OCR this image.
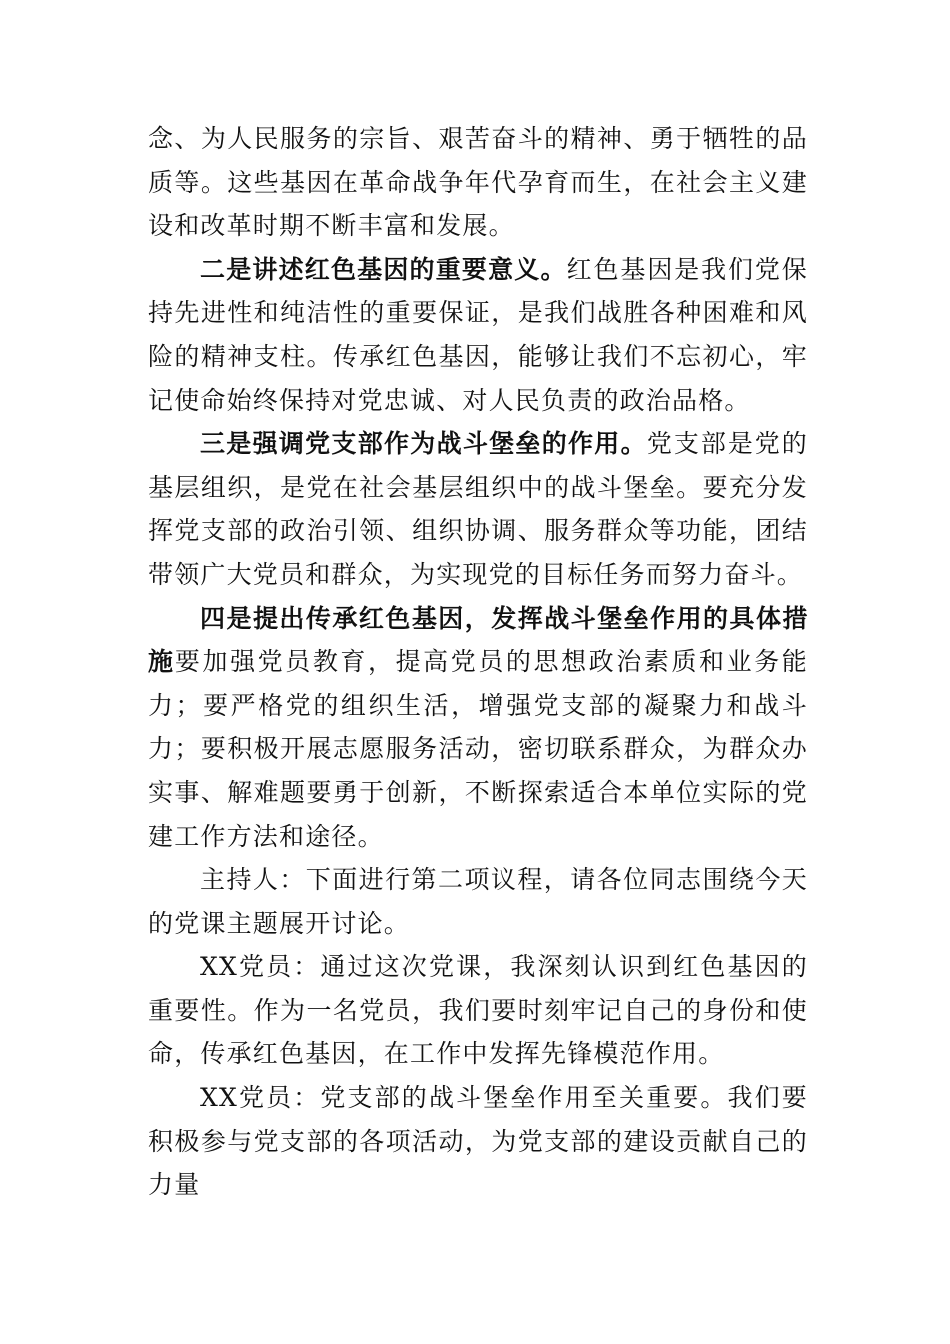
念、为人民服务的宗旨、艰苦奋斗的精神、勇于牺牲的品质等。这些基因在革命战争年代孕育而生，在社会主义建设和改革时期不断丰富和发展。

二是讲述红色基因的重要意义。红色基因是我们党保持先进性和纯洁性的重要保证，是我们战胜各种困难和风险的精神支柱。传承红色基因，能够让我们不忘初心，牢记使命始终保持对党忠诚、对人民负责的政治品格。

三是强调党支部作为战斗堡垒的作用。党支部是党的基层组织，是党在社会基层组织中的战斗堡垒。要充分发挥党支部的政治引领、组织协调、服务群众等功能，团结带领广大党员和群众，为实现党的目标任务而努力奋斗。

四是提出传承红色基因，发挥战斗堡垒作用的具体措施要加强党员教育，提高党员的思想政治素质和业务能力；要严格党的组织生活，增强党支部的凝聚力和战斗力；要积极开展志愿服务活动，密切联系群众，为群众办实事、解难题要勇于创新，不断探索适合本单位实际的党建工作方法和途径。

主持人：下面进行第二项议程，请各位同志围绕今天的党课主题展开讨论。

XX党员：通过这次党课，我深刻认识到红色基因的重要性。作为一名党员，我们要时刻牢记自己的身份和使命，传承红色基因，在工作中发挥先锋模范作用。

XX党员：党支部的战斗堡垒作用至关重要。我们要积极参与党支部的各项活动，为党支部的建设贡献自己的力量
